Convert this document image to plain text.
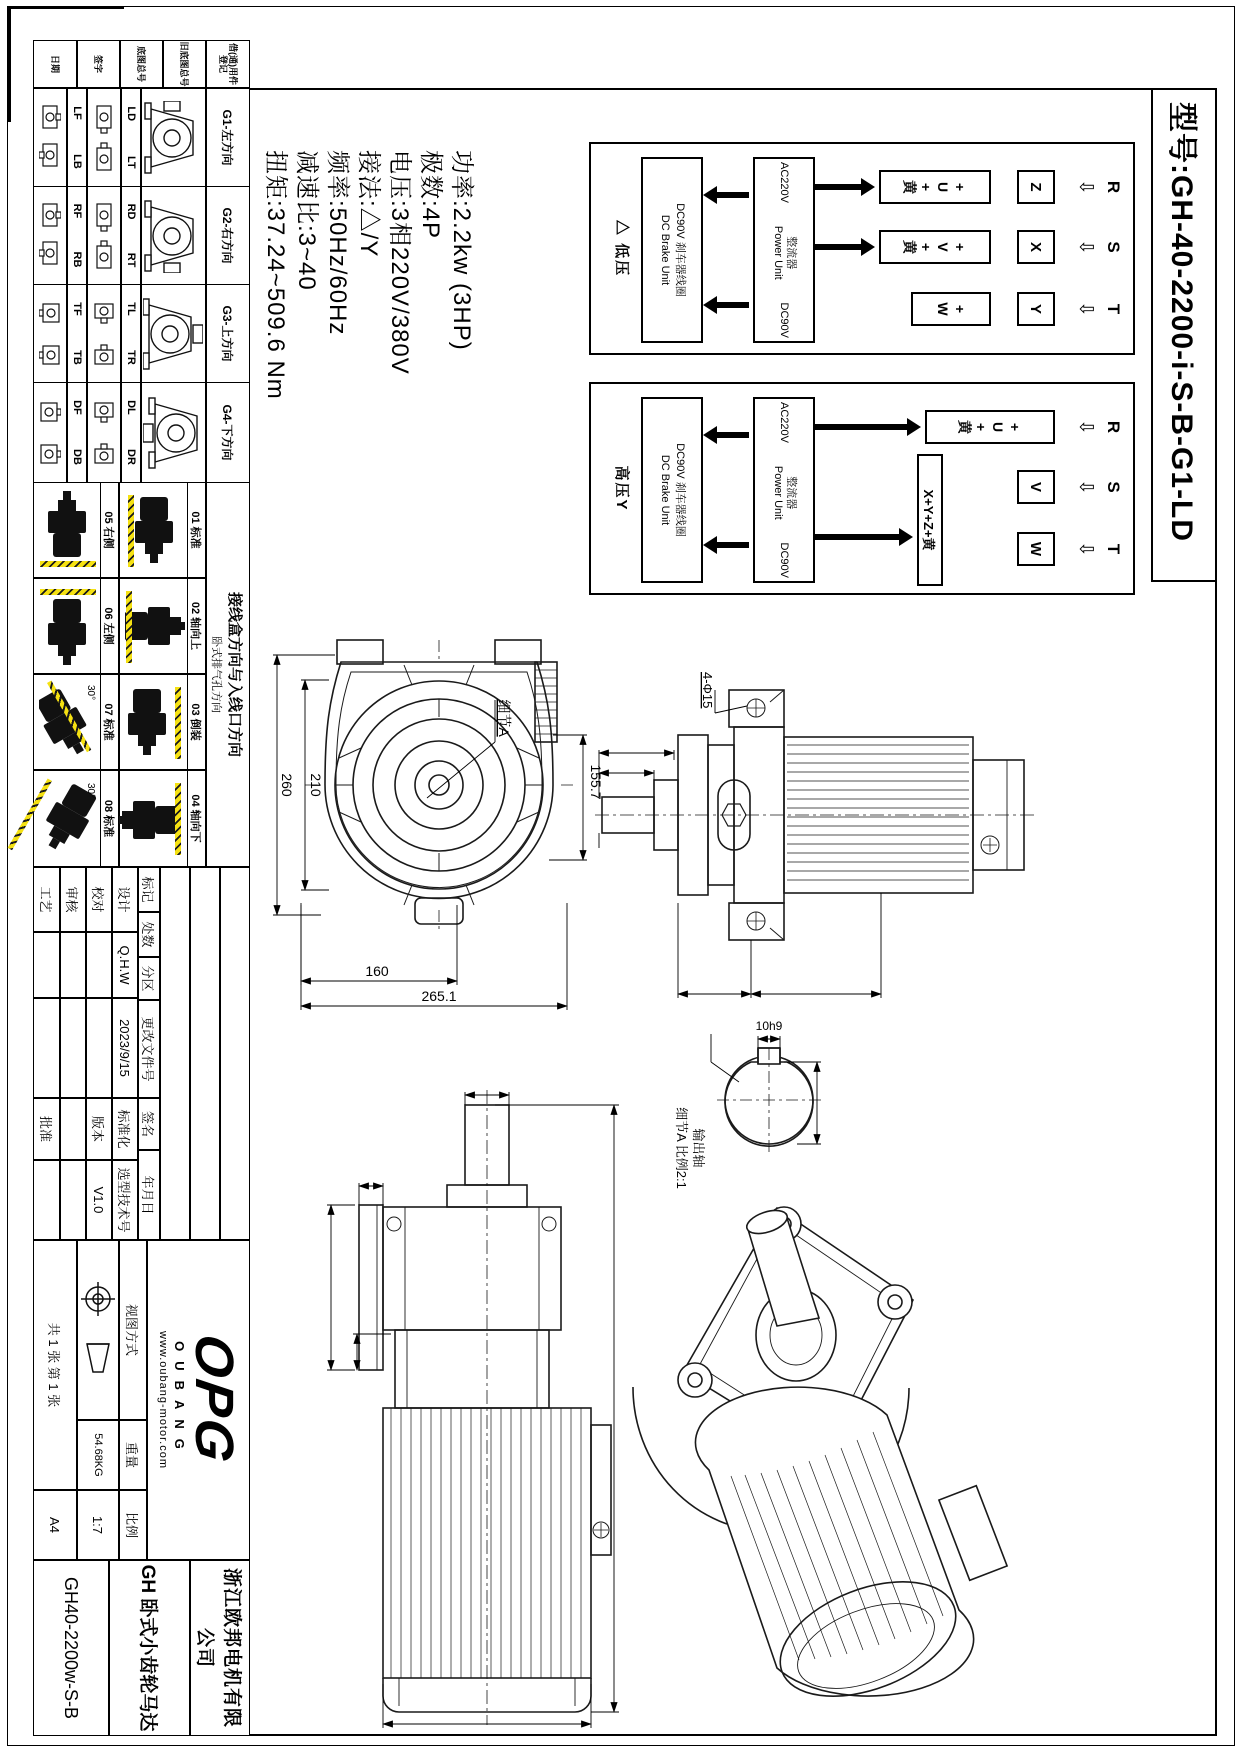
型号:GH-40-2200-i-S-B-G1-LD
R
S
T
⇩
⇩
⇩
Z
X
Y
+U+黄
+V+黄
+W
AC220V
整流器
Power Unit
DC90V
DC90V 刹车器线圈
DC Brake Unit
△ 低压
R
S
T
⇩
⇩
⇩
+U+黄
V
W
X+Y+Z+黄
AC220V
整流器
Power Unit
DC90V
DC90V 刹车器线圈
DC Brake Unit
高压Y
功率:2.2kw (3HP)
极数:4P
电压:3相220V/380V
接法:△/Y
频率:50Hz/60Hz
减速比:3~40
扭矩:37.24~509.6 Nm
155.7
210
260
160
265.1
细节A
4-Φ15
10h9
输出轴
细节A 比例2:1
G1-左方向
G2-右方向
G3-上方向
G4-下方向
接线盒方向与入线口方向
卧式排气孔方向
LD
LT
LF
LB
RD
RT
RF
RB
TL
TR
TF
TB
DL
DR
DF
DB
01 标准
02 轴向上
03 倒装
04 轴向下
05 右侧
06 左侧
07 标准
30°
08 标准
30°
标记
处数
分区
更改文件号
签名
年月日
设计
Q.H.W
2023/9/15
标准化
选型技术号
校对
版本
V1.0
审核
工艺
批准
OPG
OUBANG
www.oubang-motor.com
视图方式
重量
54.68KG
比例
1:7
共 1 张 第 1 张
A4
浙江欧邦电机有限公司
GH 卧式小齿轮马达
GH40-2200w-S-B
借(通)用件登记
旧底图总号
底图总号
签字
日期
